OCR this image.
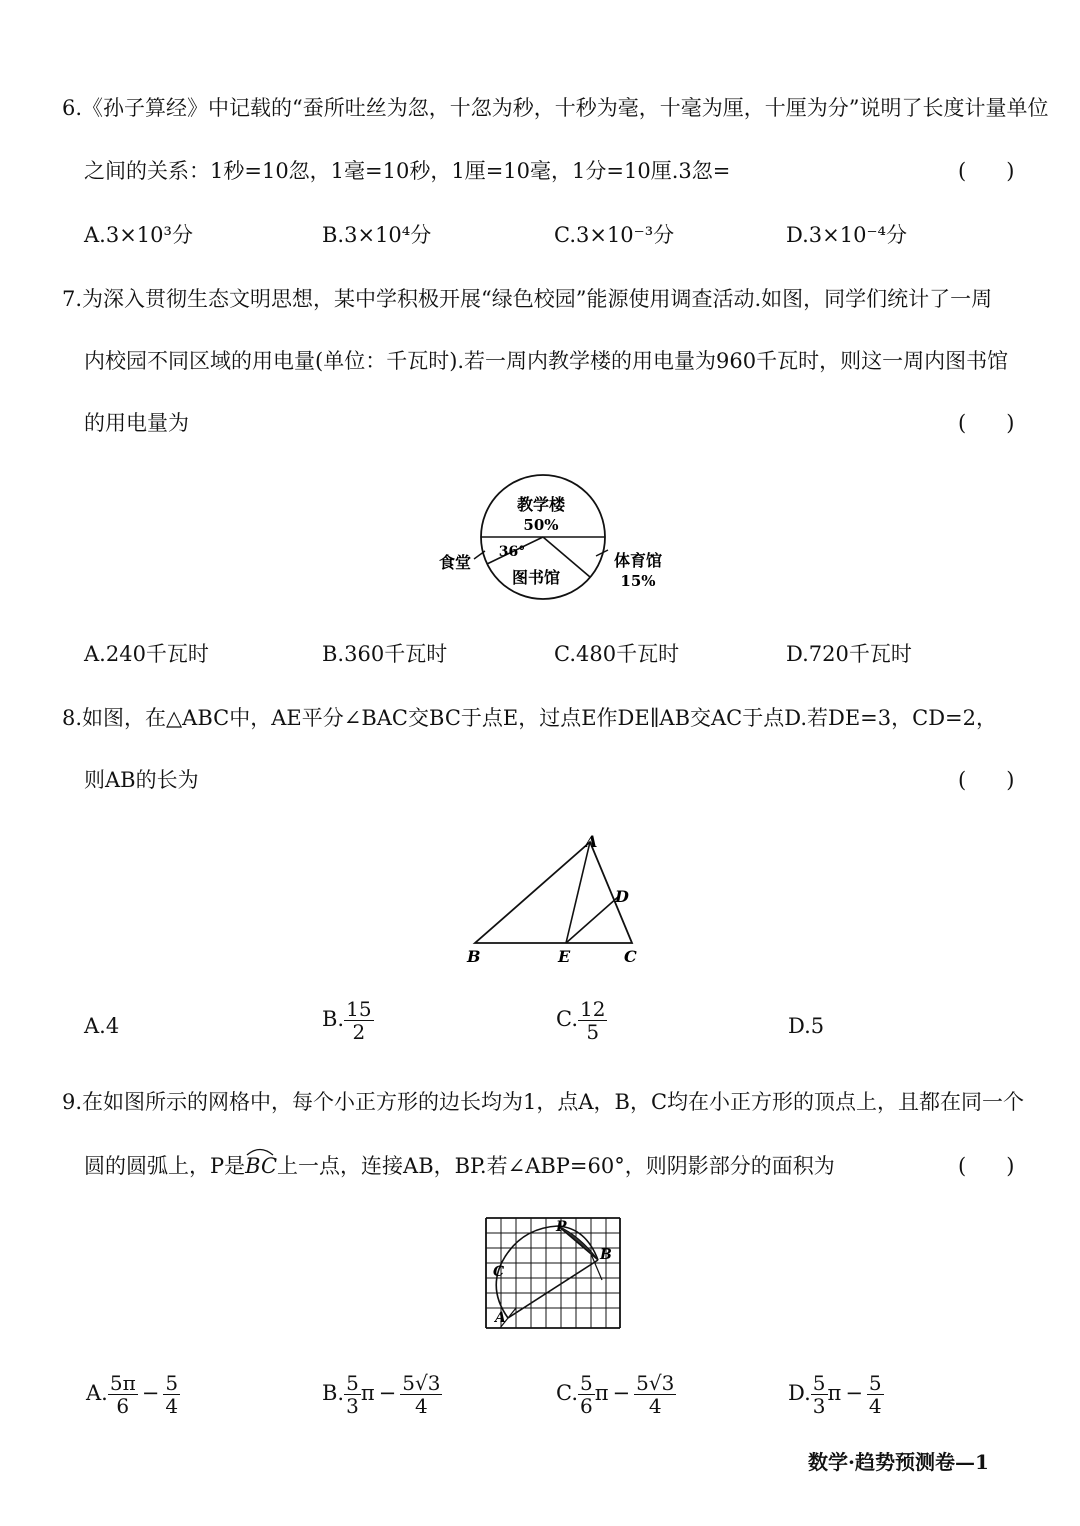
6.《孙子算经》中记载的“蚕所吐丝为忽，十忽为秒，十秒为毫，十毫为厘，十厘为分”说明了长度计量单位
之间的关系：1秒=10忽，1毫=10秒，1厘=10毫，1分=10厘.3忽=	(      )
A.3×10³分	B.3×10⁴分	C.3×10⁻³分	D.3×10⁻⁴分
7.为深入贯彻生态文明思想，某中学积极开展“绿色校园”能源使用调查活动.如图，同学们统计了一周
内校园不同区域的用电量(单位：千瓦时).若一周内教学楼的用电量为960千瓦时，则这一周内图书馆
的用电量为	(      )
教学楼
50%
36°
图书馆
食堂	体育馆
15%
A.240千瓦时	B.360千瓦时	C.480千瓦时	D.720千瓦时
8.如图，在△ABC中，AE平分∠BAC交BC于点E，过点E作DE∥AB交AC于点D.若DE=3，CD=2，
则AB的长为	(      )
A
B	C
D
E
A.4	B. $\frac{15}{2}$	C. $\frac{12}{5}$	D.5
9.在如图所示的网格中，每个小正方形的边长均为1，点A，B，C均在小正方形的顶点上，且都在同一个
圆的圆弧上，P是
BC上一点，连接AB，BP.若∠ABP=60°，则阴影部分的面积为	(      )
P
B
C
A
A. $\frac{5\pi}{6} - \frac{5}{4}$	B. $\frac{5}{3}$ $\pi - \frac{5√3}{4}$	C. $\frac{5}{6}$ $\pi - \frac{5√3}{4}$	D. $\frac{5}{3}$ $\pi - \frac{5}{4}$
数学·趋势预测卷—1
